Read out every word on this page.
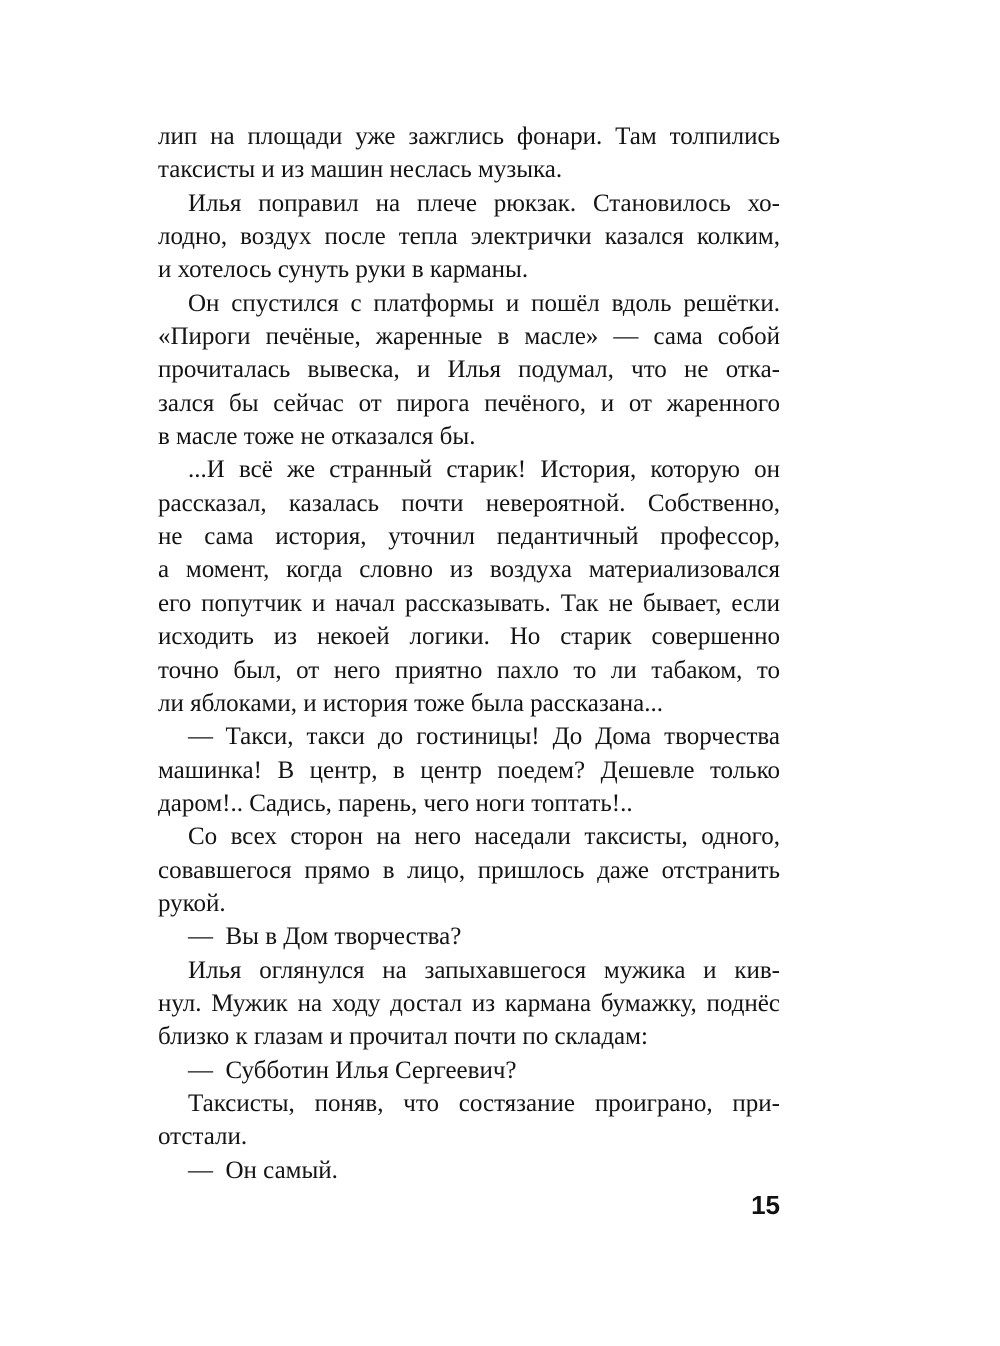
лип на площади уже зажглись фонари. Там толпились
таксисты и из машин неслась музыка.
Илья поправил на плече рюкзак. Становилось хо-
лодно, воздух после тепла электрички казался колким,
и хотелось сунуть руки в карманы.
Он спустился с платформы и пошёл вдоль решётки.
«Пироги печёные, жаренные в масле» — сама собой
прочиталась вывеска, и Илья подумал, что не отка-
зался бы сейчас от пирога печёного, и от жаренного
в масле тоже не отказался бы.
...И всё же странный старик! История, которую он
рассказал, казалась почти невероятной. Собственно,
не сама история, уточнил педантичный профессор,
а момент, когда словно из воздуха материализовался
его попутчик и начал рассказывать. Так не бывает, если
исходить из некоей логики. Но старик совершенно
точно был, от него приятно пахло то ли табаком, то
ли яблоками, и история тоже была рассказана...
— Такси, такси до гостиницы! До Дома творчества
машинка! В центр, в центр поедем? Дешевле только
даром!.. Садись, парень, чего ноги топтать!..
Со всех сторон на него наседали таксисты, одного,
совавшегося прямо в лицо, пришлось даже отстранить
рукой.
— Вы в Дом творчества?
Илья оглянулся на запыхавшегося мужика и кив-
нул. Мужик на ходу достал из кармана бумажку, поднёс
близко к глазам и прочитал почти по складам:
— Субботин Илья Сергеевич?
Таксисты, поняв, что состязание проиграно, при-
отстали.
— Он самый.
15
